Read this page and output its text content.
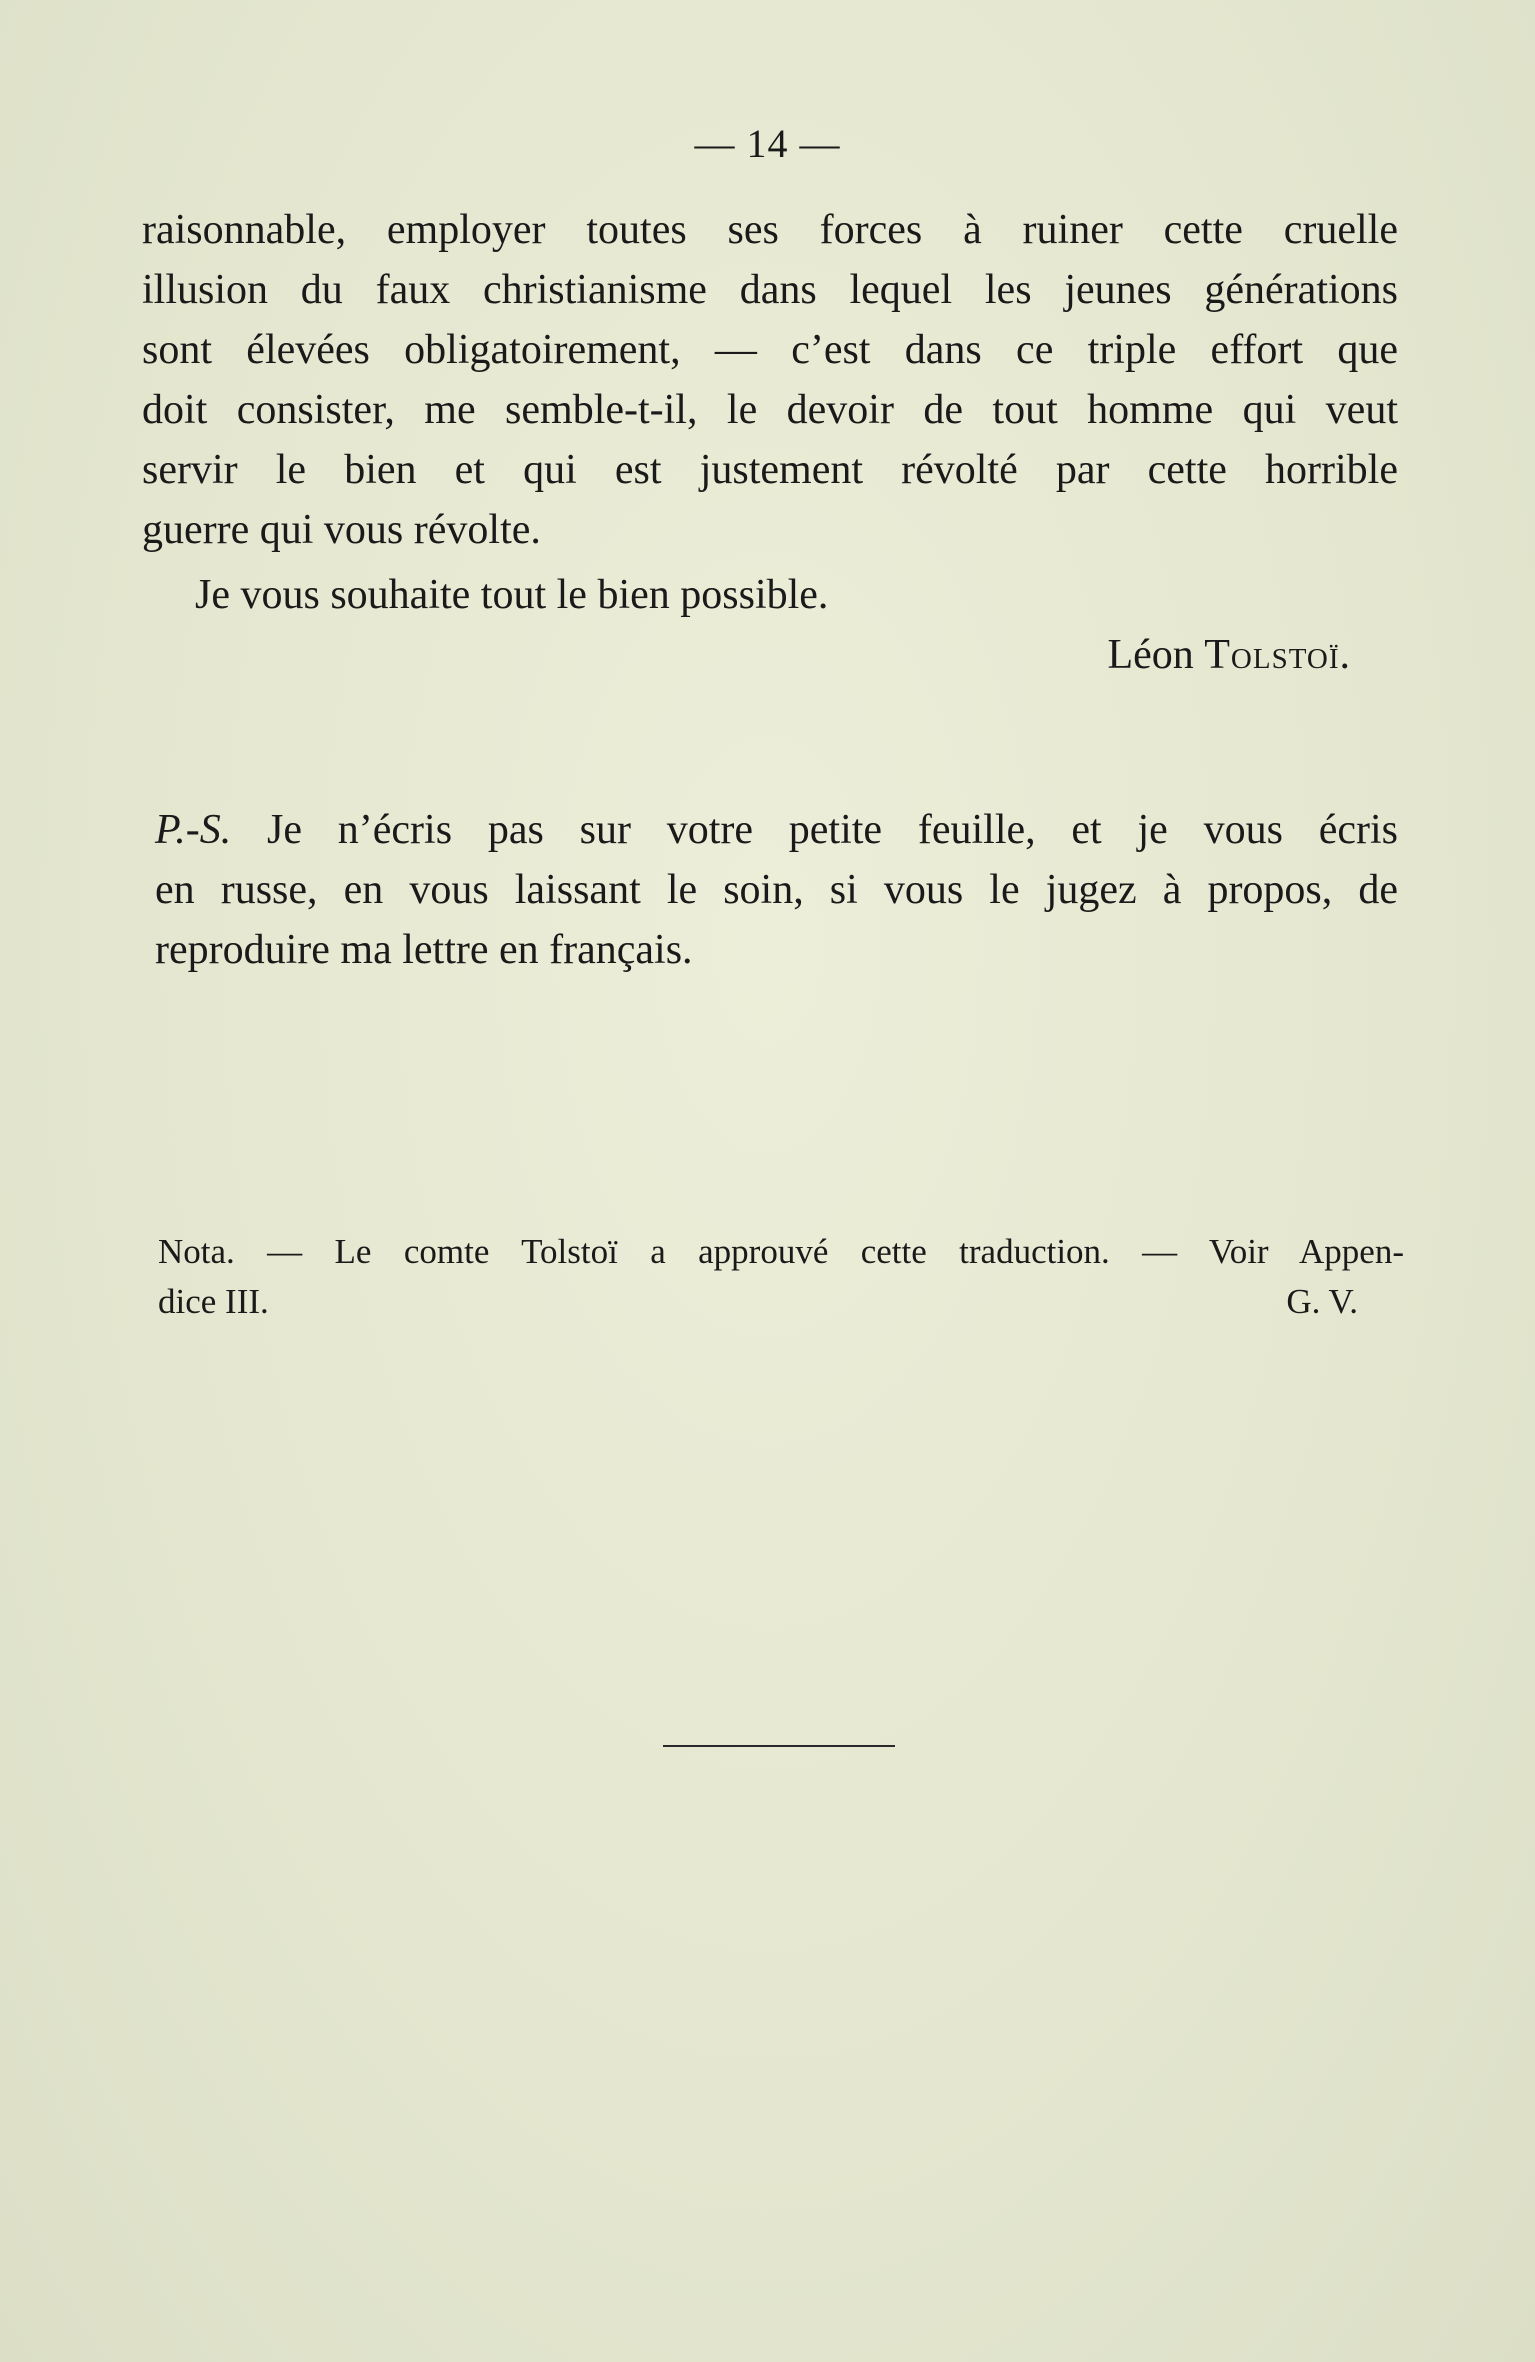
— 14 —
raisonnable, employer toutes ses forces à ruiner cette cruelle
illusion du faux christianisme dans lequel les jeunes générations
sont élevées obligatoirement, — c’est dans ce triple effort que
doit consister, me semble-t-il, le devoir de tout homme qui veut
servir le bien et qui est justement révolté par cette horrible
guerre qui vous révolte.
Je vous souhaite tout le bien possible.
Léon Tolstoï.
P.-S. Je n’écris pas sur votre petite feuille, et je vous écris
en russe, en vous laissant le soin, si vous le jugez à propos, de
reproduire ma lettre en français.
Nota. — Le comte Tolstoï a approuvé cette traduction. — Voir Appen-
dice III.	G. V.
